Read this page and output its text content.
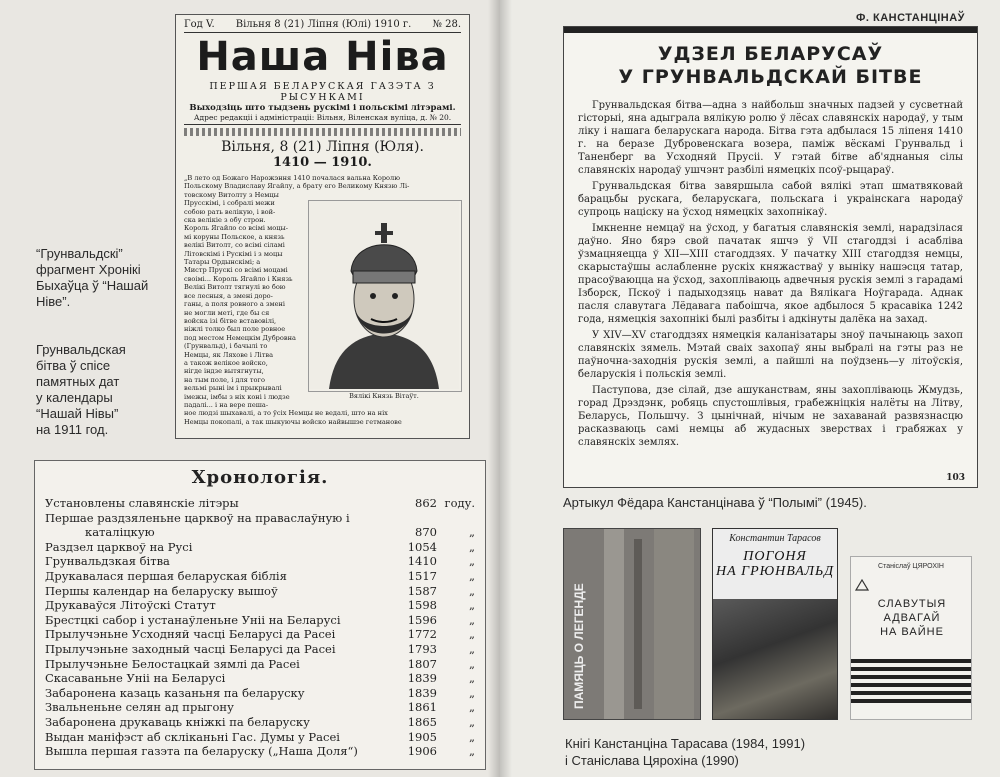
Год V. Вільня 8 (21) Ліпня (Юлі) 1910 г. № 28.
Наша Ніва
ПЕРШАЯ БЕЛАРУСКАЯ ГАЗЭТА З РЫСУНКАМІ
Выходзіць што тыдзень рускімі і польскімі літэрамі.
Адрес редакціі і адміністраціі: Вільня, Віленская вуліца, д. № 20.
Вільня, 8 (21) Ліпня (Юля).
1410 — 1910.
„В лето од Божаго Нарожэння 1410 почалася вальна Королю
Польскому Владиславу Ягайлу, а брату его Великому Князю Лі-
товскому Витолту з Немцы
Прусскімі, і собралі межи
собою рать велікую, і вой-
ска велікіе з обу строн.
Король Ягайло со всімі моцы-
мі коруны Польское, а князь
велікі Витолт, со всімі сіламі
Літовскімі і Рускімі і з моцы
Татары Ордынскімі; а
Мистр Прускі со всімі моцамі
своімі... Король Ягайло і Князь
Велікі Витолт тягнулі во бою
все лесныя, а змені доро-
ганы, а поля ровного а змені
не могли меті, где бы ся
войска ізі бітве вставовілі,
ніжлі толко был поле ровное
под местом Немецкім Дубровна
(Грунвальд), і бачылі то
Немцы, як Ляхове і Літва
а також велікое войско,
нігде індзе вытягнуты,
на тым поле, і для того
вельмі рыні ім і прыкрывалі
імежы, імбы з ніх коні і людзе
падалі... і на вере пеша-
ное людзі шыхавалі, а то ўсіх Немцы не ведалі, што на ніх
Немцы покопалі, а так шыкуючы войско найвышэе гетманове
Вялікі Князь Вітаўт.
“Грунвальдскі”
фрагмент Хронікі
Быхаўца ў “Нашай
Ніве”.
Грунвальдская
бітва ў спісе
памятных дат
у календары
“Нашай Нівы”
на 1911 год.
Хронологія.
Установлены славянскіе літэры	862 году.
Першае раздзяленьне царквоў на праваслаўную і
каталіцкую	870	„
Раздзел царквоў на Русі	1054	„
Грунвальдзкая бітва	1410	„
Друкавалася першая беларуская біблія	1517	„
Першы календар на беларуску вышоў	1587	„
Друкаваўся Літоўскі Статут	1598	„
Брестцкі сабор і устанаўленьне Уніі на Беларусі	1596	„
Прылучэньне Усходняй часці Беларусі да Расеі	1772	„
Прылучэньне заходный часці Беларусі да Расеі	1793	„
Прылучэньне Белостацкай зямлі да Расеі	1807	„
Скасаваньне Уніі на Беларусі	1839	„
Забаронена казаць казаньня па беларуску	1839	„
Звальненьне селян ад прыгону	1861	„
Забаронена друкаваць кніжкі па беларуску	1865	„
Выдан маніфэст аб скліканьні Гас. Думы у Расеі	1905	„
Вышла першая газэта па беларуску („Наша Доля“)	1906	„
Ф. КАНСТАНЦІНАЎ
УДЗЕЛ БЕЛАРУСАЎ
У ГРУНВАЛЬДСКАЙ БІТВЕ

Грунвальдская бітва—адна з найбольш значных падзей у сусветнай гісторыі, яна адыграла вялікую ролю ў лёсах славянскіх народаў, у тым ліку і нашага беларускага народа. Бітва гэта адбылася 15 ліпеня 1410 г. на беразе Дубровенскага возера, паміж вёскамі Грунвальд і Таненберг ва Усходняй Прусіі. У гэтай бітве аб'яднаныя сілы славянскіх народаў ушчэнт разбілі нямецкіх псоў-рыцараў.

Грунвальдская бітва завяршыла сабой вялікі этап шматвяковай барацьбы рускага, беларускага, польскага і украінскага народаў супроць націску на ўсход нямецкіх захопнікаў.

Імкненне немцаў на ўсход, у багатыя славянскія землі, нарадзілася даўно. Яно бярэ свой пачатак яшчэ ў VII стагоддзі і асабліва ўзмацняецца ў XII—XIII стагоддзях. У пачатку XIII стагоддзя немцы, скарыстаўшы аслабленне рускіх княжастваў у выніку нашэсця татар, прасоўваюцца на ўсход, захопліваюць адвечныя рускія землі з гарадамі Ізборск, Пскоў і падыходзяць нават да Вялікага Ноўгарада. Аднак пасля славутага Лёдавага пабоішча, якое адбылося 5 красавіка 1242 года, нямецкія захопнікі былі разбіты і адкінуты далёка на захад.

У XIV—XV стагоддзях нямецкія каланізатары зноў пачынаюць захоп славянскіх зямель. Мэтай сваіх захопаў яны выбралі на гэты раз не паўночна-заходнія рускія землі, а пайшлі на поўдзень—у літоўскія, беларускія і польскія землі.

Паступова, дзе сілай, дзе ашуканствам, яны захопліваюць Жмудзь, горад Дрэздэнк, робяць спустошлівыя, грабежніцкія налёты на Літву, Беларусь, Польшчу. З цынічнай, нічым не захаванай развязнасцю расказваюць самі немцы аб жудасных зверствах і грабяжах у славянскіх землях.

103
Артыкул Фёдара Канстанцінава ў “Полымі” (1945).
ПАМЯЦЬ О ЛЕГЕНДЕ
Константин Тарасов
ПОГОНЯ
НА ГРЮНВАЛЬД	Станіслаў ЦЯРОХІН
СЛАВУТЫЯ
АДВАГАЙ
НА ВАЙНЕ
Кнігі Канстанціна Тарасава (1984, 1991)
і Станіслава Цярохіна (1990)
